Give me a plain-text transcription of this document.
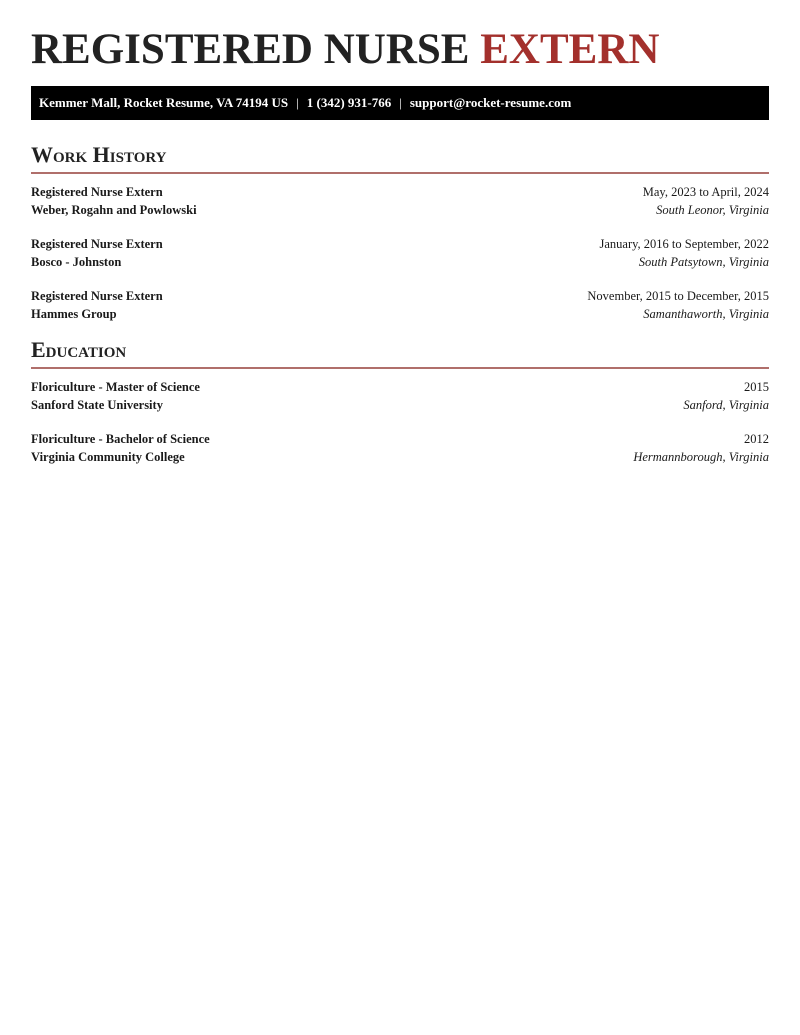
REGISTERED NURSE EXTERN
Kemmer Mall, Rocket Resume, VA 74194 US | 1 (342) 931-766 | support@rocket-resume.com
Work History
Registered Nurse Extern	May, 2023 to April, 2024
Weber, Rogahn and Powlowski	South Leonor, Virginia
Registered Nurse Extern	January, 2016 to September, 2022
Bosco - Johnston	South Patsytown, Virginia
Registered Nurse Extern	November, 2015 to December, 2015
Hammes Group	Samanthaworth, Virginia
Education
Floriculture - Master of Science	2015
Sanford State University	Sanford, Virginia
Floriculture - Bachelor of Science	2012
Virginia Community College	Hermannborough, Virginia
